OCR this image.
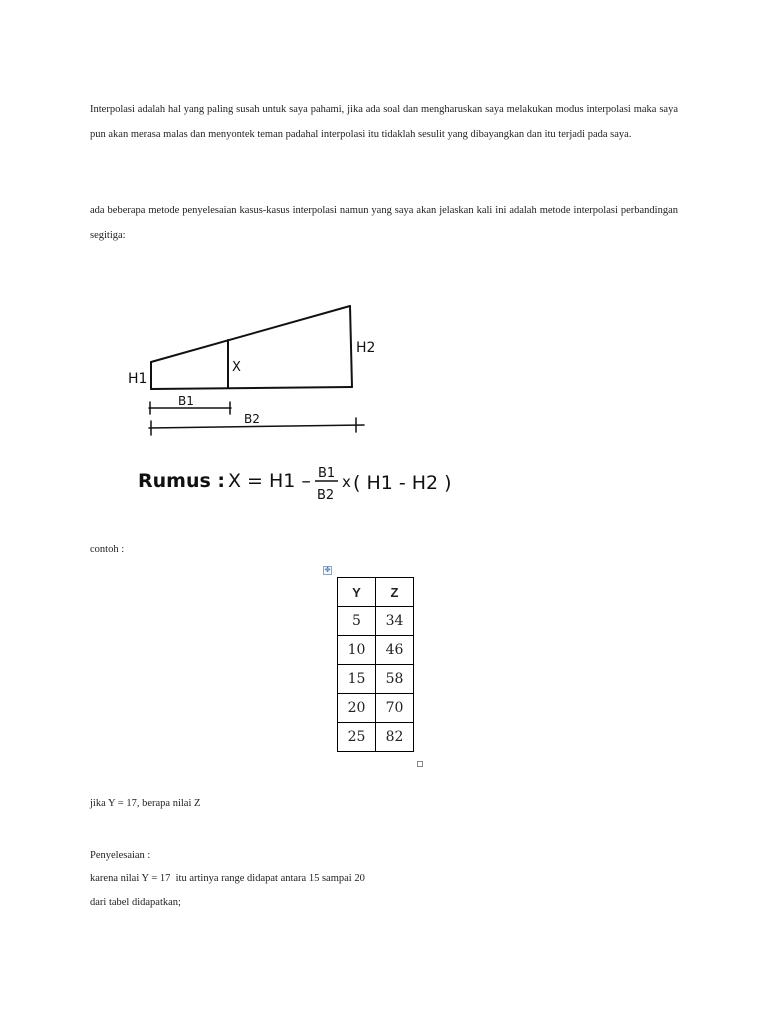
Interpolasi adalah hal yang paling susah untuk saya pahami, jika ada soal dan mengharuskan saya melakukan modus interpolasi maka saya pun akan merasa malas dan menyontek teman padahal interpolasi itu tidaklah sesulit yang dibayangkan dan itu terjadi pada saya.

ada beberapa metode penyelesaian kasus-kasus interpolasi namun yang saya akan jelaskan kali ini adalah metode interpolasi perbandingan segitiga:

H1
H2
X
B1
B2
Rumus : X = H1 – B1
B2
x ( H1 - H2 )

contoh :

✥
Y	Z
5	34
10	46
15	58
20	70
25	82

jika Y = 17, berapa nilai Z

Penyelesaian :

karena nilai Y = 17  itu artinya range didapat antara 15 sampai 20

dari tabel didapatkan;
